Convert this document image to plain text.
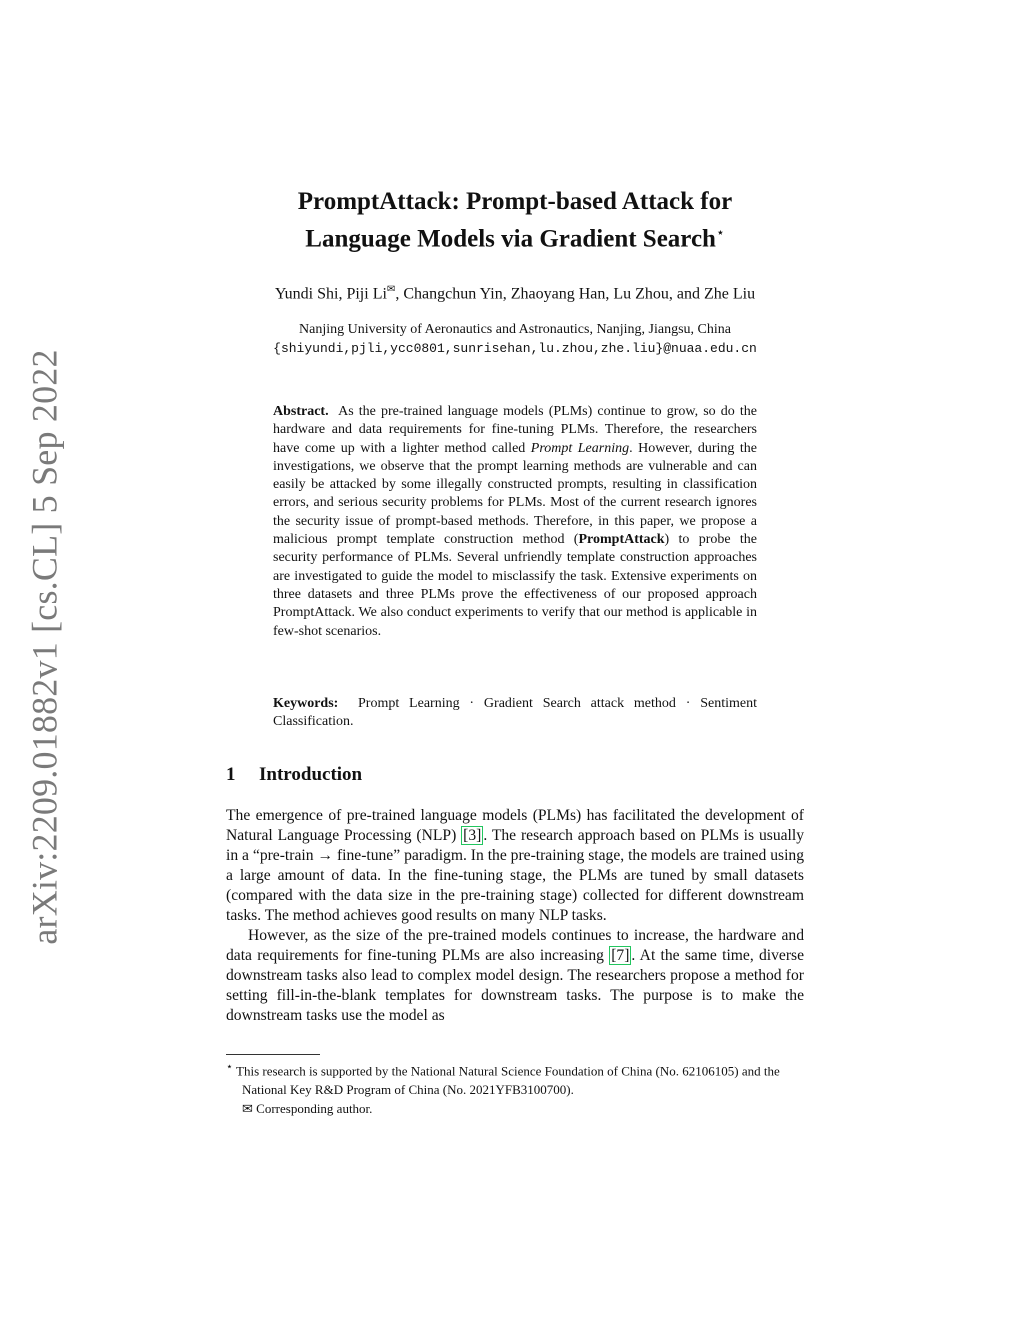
arXiv:2209.01882v1 [cs.CL] 5 Sep 2022
PromptAttack: Prompt-based Attack for
Language Models via Gradient Search⋆
Yundi Shi, Piji Li✉, Changchun Yin, Zhaoyang Han, Lu Zhou, and Zhe Liu
Nanjing University of Aeronautics and Astronautics, Nanjing, Jiangsu, China
{shiyundi,pjli,ycc0801,sunrisehan,lu.zhou,zhe.liu}@nuaa.edu.cn
Abstract. As the pre-trained language models (PLMs) continue to grow, so do the hardware and data requirements for fine-tuning PLMs. Therefore, the researchers have come up with a lighter method called Prompt Learning. However, during the investigations, we observe that the prompt learning methods are vulnerable and can easily be attacked by some illegally constructed prompts, resulting in classification errors, and serious security problems for PLMs. Most of the current research ignores the security issue of prompt-based methods. Therefore, in this paper, we propose a malicious prompt template construction method (PromptAttack) to probe the security performance of PLMs. Several unfriendly template construction approaches are investigated to guide the model to misclassify the task. Extensive experiments on three datasets and three PLMs prove the effectiveness of our proposed approach PromptAttack. We also conduct experiments to verify that our method is applicable in few-shot scenarios.
Keywords: Prompt Learning · Gradient Search attack method · Sentiment Classification.
1 Introduction

The emergence of pre-trained language models (PLMs) has facilitated the development of Natural Language Processing (NLP) [3] . The research approach based on PLMs is usually in a “pre-train → fine-tune” paradigm. In the pre-training stage, the models are trained using a large amount of data. In the fine-tuning stage, the PLMs are tuned by small datasets (compared with the data size in the pre-training stage) collected for different downstream tasks. The method achieves good results on many NLP tasks.

However, as the size of the pre-trained models continues to increase, the hardware and data requirements for fine-tuning PLMs are also increasing [7] . At the same time, diverse downstream tasks also lead to complex model design. The researchers propose a method for setting fill-in-the-blank templates for downstream tasks. The purpose is to make the downstream tasks use the model as

⋆ This research is supported by the National Natural Science Foundation of China (No. 62106105) and the National Key R&D Program of China (No. 2021YFB3100700).
✉ Corresponding author.
